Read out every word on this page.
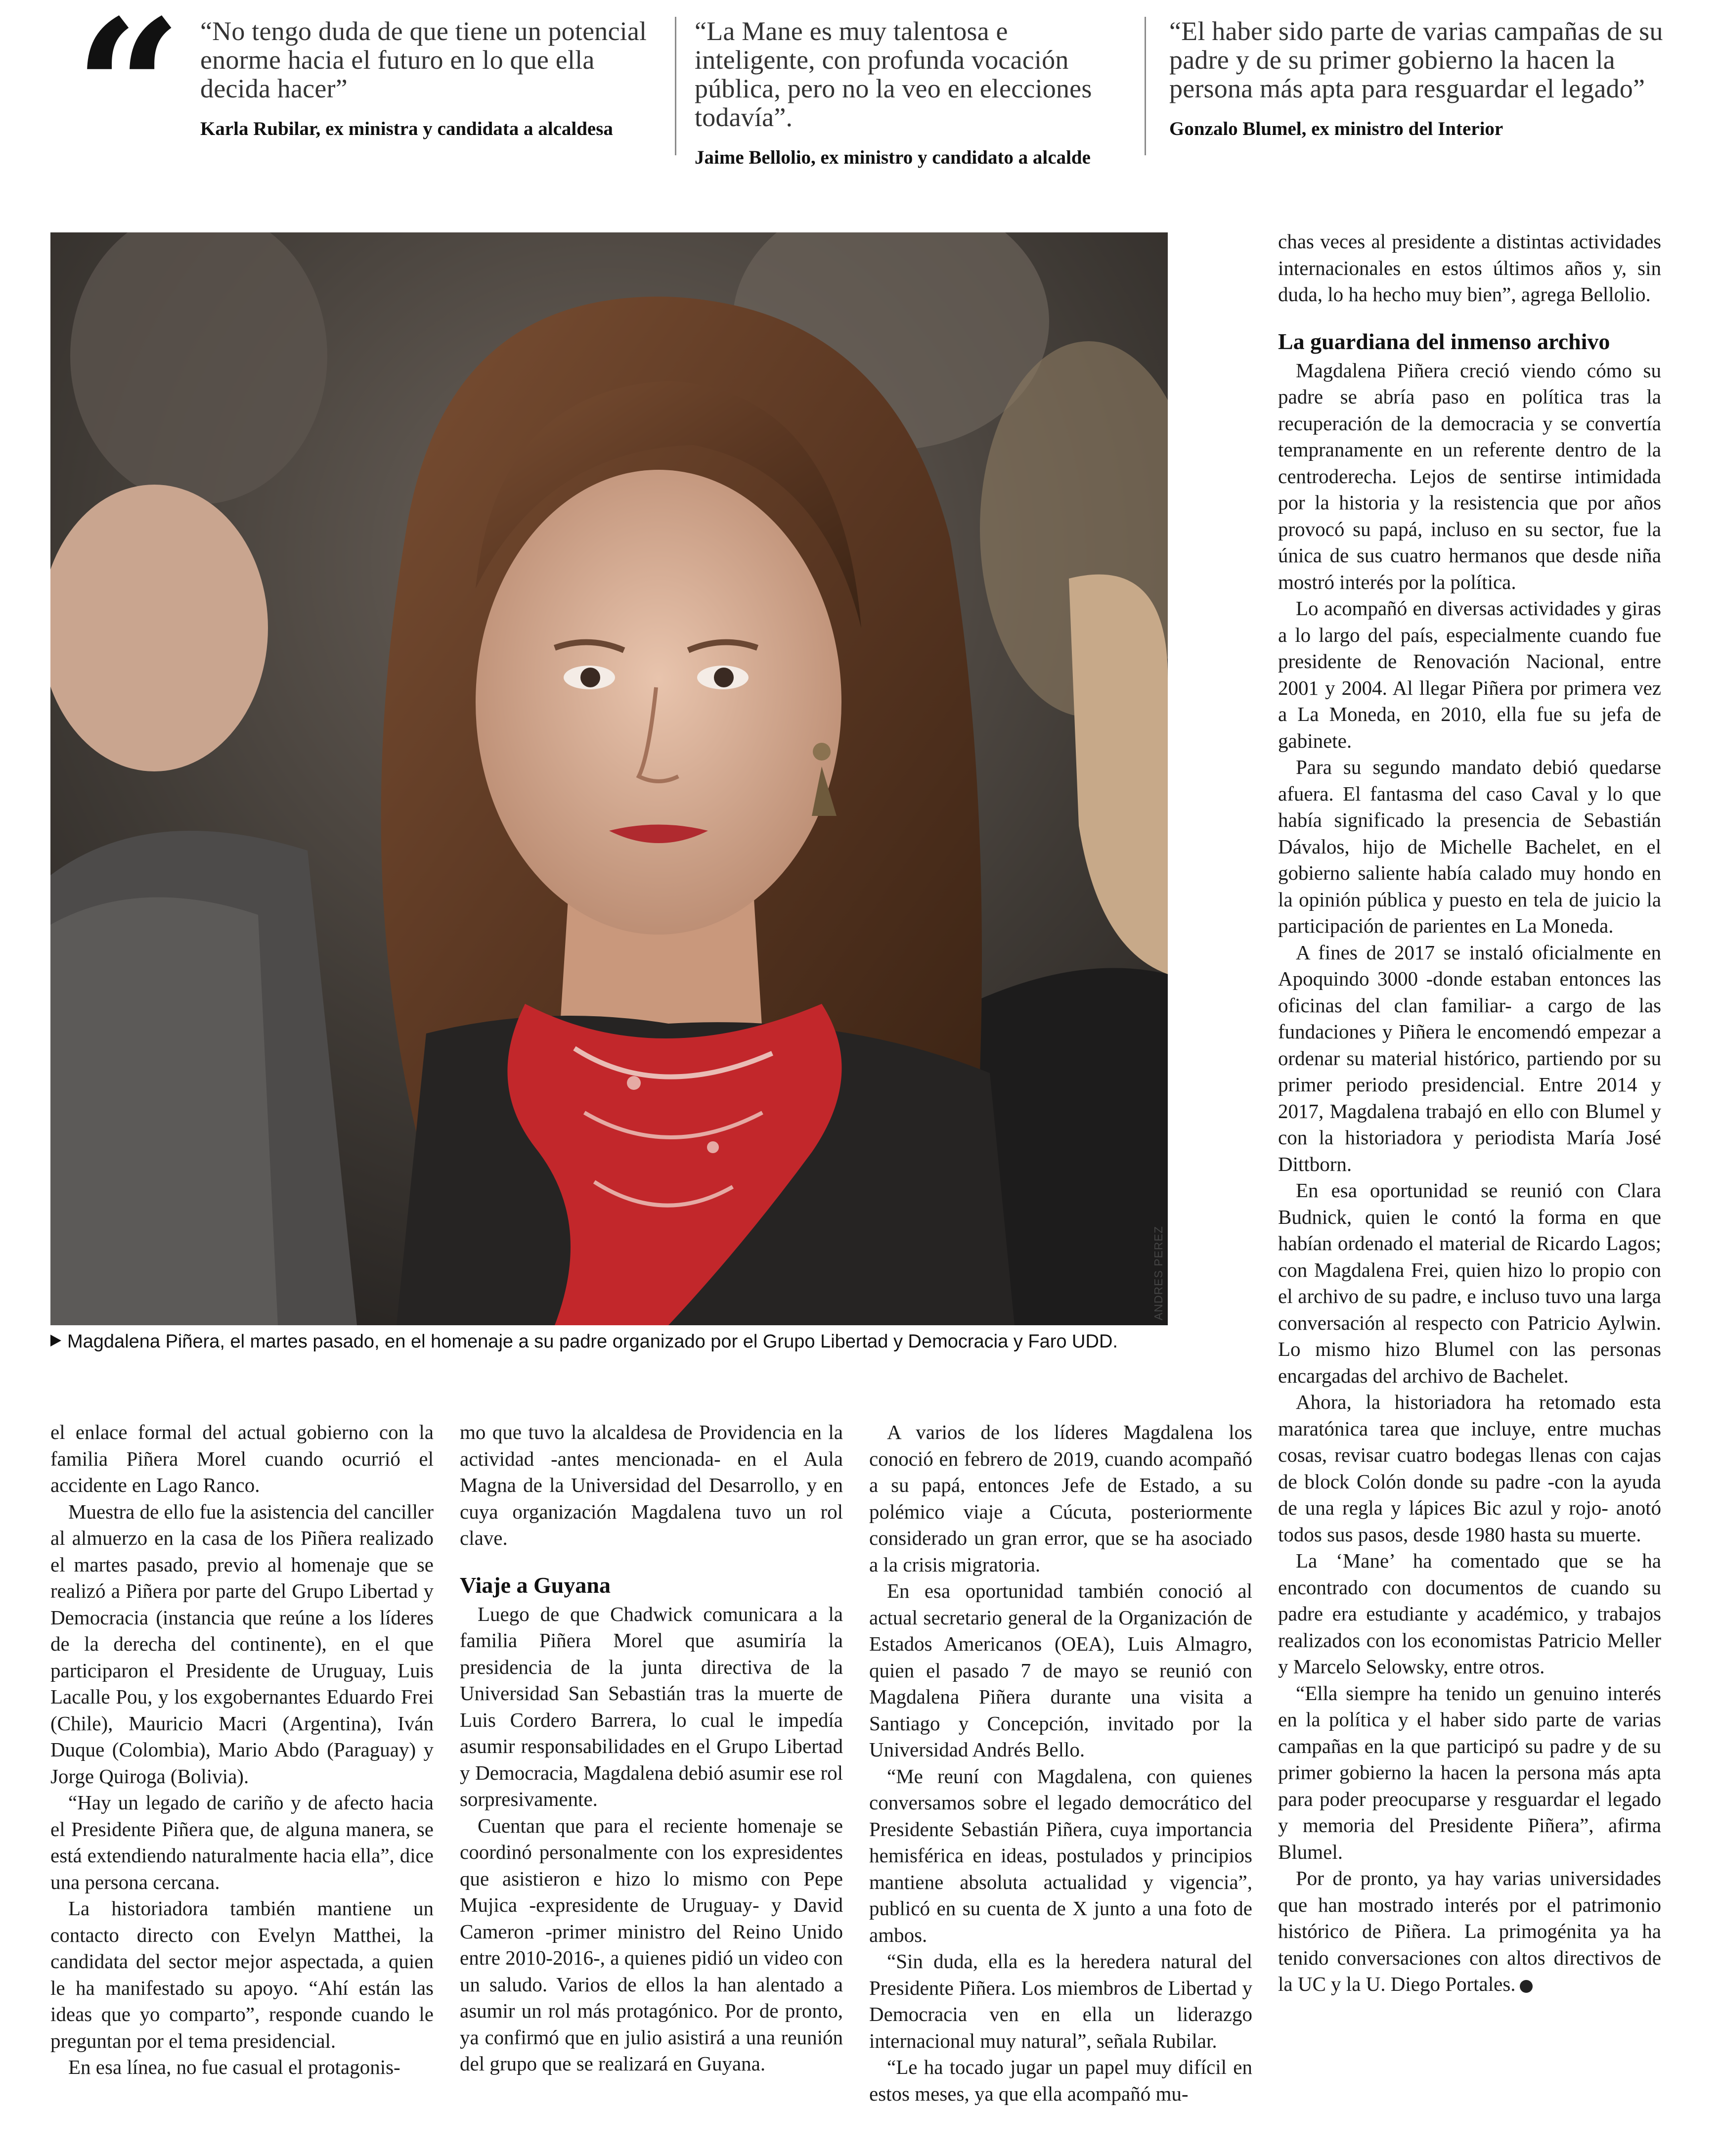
“ “No tengo duda de que tiene un potencial enorme hacia el futuro en lo que ella decida hacer”
Karla Rubilar, ex ministra y candidata a alcaldesa
“La Mane es muy talentosa e inteligente, con profunda vocación pública, pero no la veo en elecciones todavía”.
Jaime Bellolio, ex ministro y candidato a alcalde
“El haber sido parte de varias campañas de su padre y de su primer gobierno la hacen la persona más apta para resguardar el legado”
Gonzalo Blumel, ex ministro del Interior
ANDRES PEREZ
Magdalena Piñera, el martes pasado, en el homenaje a su padre organizado por el Grupo Libertad y Democracia y Faro UDD.

el enlace formal del actual gobierno con la familia Piñera Morel cuando ocurrió el accidente en Lago Ranco.

Muestra de ello fue la asistencia del canciller al almuerzo en la casa de los Piñera realizado el martes pasado, previo al homenaje que se realizó a Piñera por parte del Grupo Libertad y Democracia (instancia que reúne a los líderes de la derecha del continente), en el que participaron el Presidente de Uruguay, Luis Lacalle Pou, y los exgobernantes Eduardo Frei (Chile), Mauricio Macri (Argentina), Iván Duque (Colombia), Mario Abdo (Paraguay) y Jorge Quiroga (Bolivia).

“Hay un legado de cariño y de afecto hacia el Presidente Piñera que, de alguna manera, se está extendiendo naturalmente hacia ella”, dice una persona cercana.

La historiadora también mantiene un contacto directo con Evelyn Matthei, la candidata del sector mejor aspectada, a quien le ha manifestado su apoyo. “Ahí están las ideas que yo comparto”, responde cuando le preguntan por el tema presidencial.

En esa línea, no fue casual el protagonis-

mo que tuvo la alcaldesa de Providencia en la actividad -antes mencionada- en el Aula Magna de la Universidad del Desarrollo, y en cuya organización Magdalena tuvo un rol clave.

Viaje a Guyana

Luego de que Chadwick comunicara a la familia Piñera Morel que asumiría la presidencia de la junta directiva de la Universidad San Sebastián tras la muerte de Luis Cordero Barrera, lo cual le impedía asumir responsabilidades en el Grupo Libertad y Democracia, Magdalena debió asumir ese rol sorpresivamente.

Cuentan que para el reciente homenaje se coordinó personalmente con los expresidentes que asistieron e hizo lo mismo con Pepe Mujica -expresidente de Uruguay- y David Cameron -primer ministro del Reino Unido entre 2010-2016-, a quienes pidió un video con un saludo. Varios de ellos la han alentado a asumir un rol más protagónico. Por de pronto, ya confirmó que en julio asistirá a una reunión del grupo que se realizará en Guyana.

A varios de los líderes Magdalena los conoció en febrero de 2019, cuando acompañó a su papá, entonces Jefe de Estado, a su polémico viaje a Cúcuta, posteriormente considerado un gran error, que se ha asociado a la crisis migratoria.

En esa oportunidad también conoció al actual secretario general de la Organización de Estados Americanos (OEA), Luis Almagro, quien el pasado 7 de mayo se reunió con Magdalena Piñera durante una visita a Santiago y Concepción, invitado por la Universidad Andrés Bello.

“Me reuní con Magdalena, con quienes conversamos sobre el legado democrático del Presidente Sebastián Piñera, cuya importancia hemisférica en ideas, postulados y principios mantiene absoluta actualidad y vigencia”, publicó en su cuenta de X junto a una foto de ambos.

“Sin duda, ella es la heredera natural del Presidente Piñera. Los miembros de Libertad y Democracia ven en ella un liderazgo internacional muy natural”, señala Rubilar.

“Le ha tocado jugar un papel muy difícil en estos meses, ya que ella acompañó mu-

chas veces al presidente a distintas actividades internacionales en estos últimos años y, sin duda, lo ha hecho muy bien”, agrega Bellolio.

La guardiana del inmenso archivo

Magdalena Piñera creció viendo cómo su padre se abría paso en política tras la recuperación de la democracia y se convertía tempranamente en un referente dentro de la centroderecha. Lejos de sentirse intimidada por la historia y la resistencia que por años provocó su papá, incluso en su sector, fue la única de sus cuatro hermanos que desde niña mostró interés por la política.

Lo acompañó en diversas actividades y giras a lo largo del país, especialmente cuando fue presidente de Renovación Nacional, entre 2001 y 2004. Al llegar Piñera por primera vez a La Moneda, en 2010, ella fue su jefa de gabinete.

Para su segundo mandato debió quedarse afuera. El fantasma del caso Caval y lo que había significado la presencia de Sebastián Dávalos, hijo de Michelle Bachelet, en el gobierno saliente había calado muy hondo en la opinión pública y puesto en tela de juicio la participación de parientes en La Moneda.

A fines de 2017 se instaló oficialmente en Apoquindo 3000 -donde estaban entonces las oficinas del clan familiar- a cargo de las fundaciones y Piñera le encomendó empezar a ordenar su material histórico, partiendo por su primer periodo presidencial. Entre 2014 y 2017, Magdalena trabajó en ello con Blumel y con la historiadora y periodista María José Dittborn.

En esa oportunidad se reunió con Clara Budnick, quien le contó la forma en que habían ordenado el material de Ricardo Lagos; con Magdalena Frei, quien hizo lo propio con el archivo de su padre, e incluso tuvo una larga conversación al respecto con Patricio Aylwin. Lo mismo hizo Blumel con las personas encargadas del archivo de Bachelet.

Ahora, la historiadora ha retomado esta maratónica tarea que incluye, entre muchas cosas, revisar cuatro bodegas llenas con cajas de block Colón donde su padre -con la ayuda de una regla y lápices Bic azul y rojo- anotó todos sus pasos, desde 1980 hasta su muerte.

La ‘Mane’ ha comentado que se ha encontrado con documentos de cuando su padre era estudiante y académico, y trabajos realizados con los economistas Patricio Meller y Marcelo Selowsky, entre otros.

“Ella siempre ha tenido un genuino interés en la política y el haber sido parte de varias campañas en la que participó su padre y de su primer gobierno la hacen la persona más apta para poder preocuparse y resguardar el legado y memoria del Presidente Piñera”, afirma Blumel.

Por de pronto, ya hay varias universidades que han mostrado interés por el patrimonio histórico de Piñera. La primogénita ya ha tenido conversaciones con altos directivos de la UC y la U. Diego Portales. ●
